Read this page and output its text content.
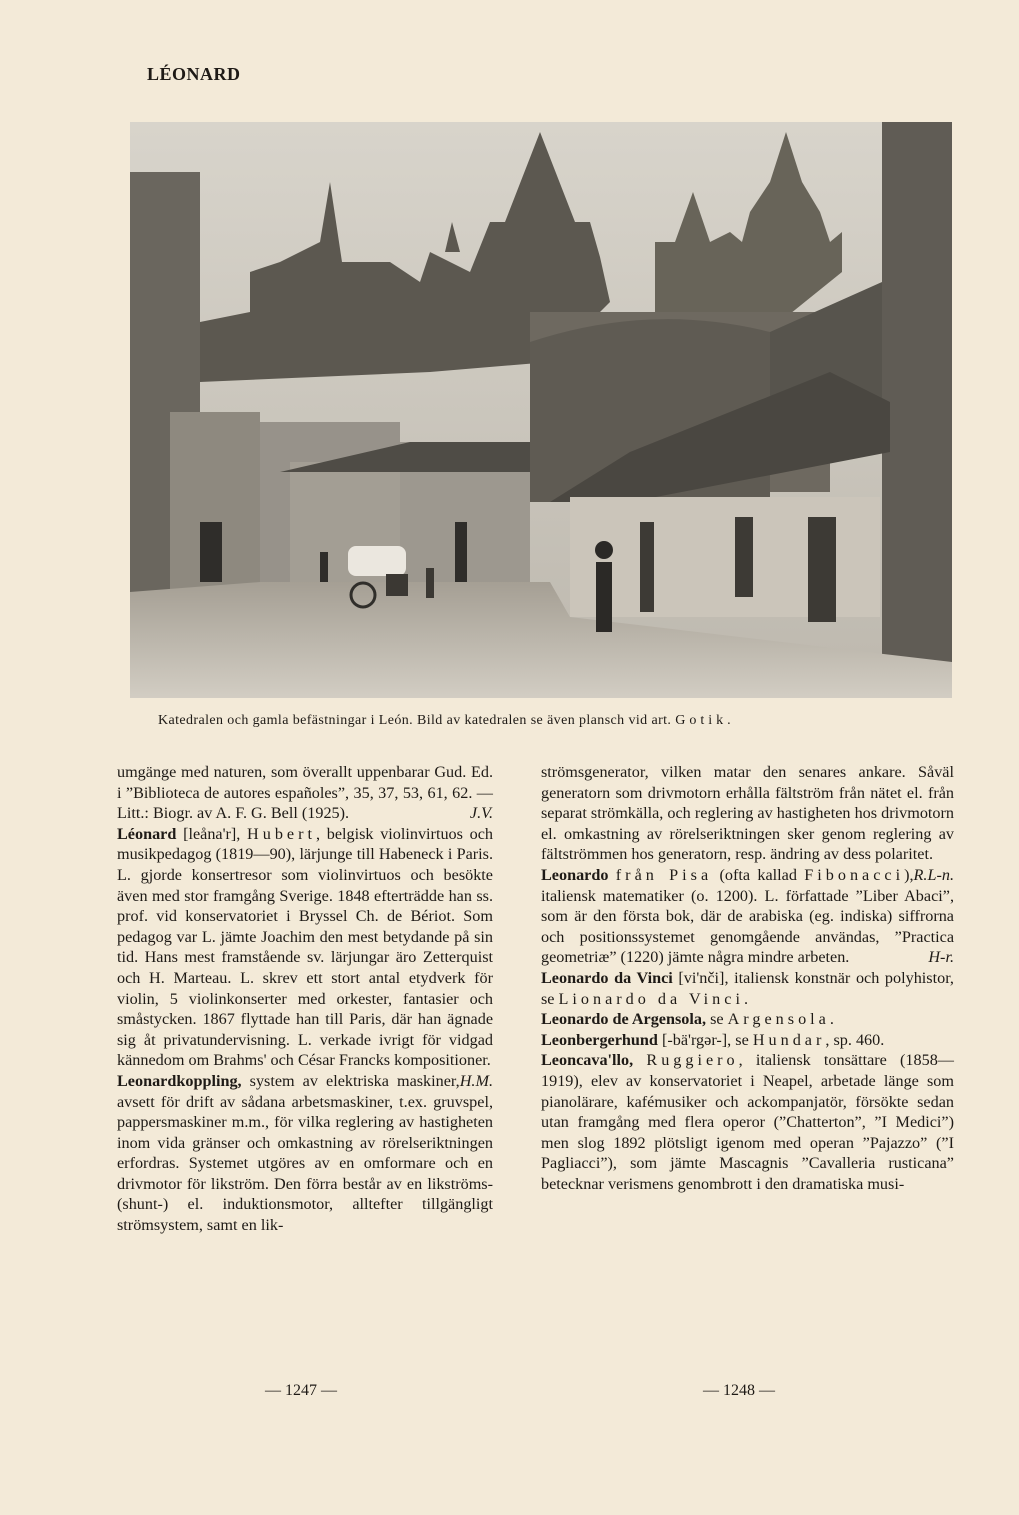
LÉONARD
Katedralen och gamla befästningar i León. Bild av katedralen se även plansch vid art. Gotik.

umgänge med naturen, som överallt uppenbarar Gud. Ed. i ”Biblioteca de autores españoles”, 35, 37, 53, 61, 62. — Litt.: Biogr. av A. F. G. Bell (1925).	J.V.

Léonard [leåna'r], Hubert, belgisk violinvirtuos och musikpedagog (1819—90), lärjunge till Habeneck i Paris. L. gjorde konsertresor som violinvirtuos och besökte även med stor framgång Sverige. 1848 efterträdde han ss. prof. vid konservatoriet i Bryssel Ch. de Bériot. Som pedagog var L. jämte Joachim den mest betydande på sin tid. Hans mest framstående sv. lärjungar äro Zetterquist och H. Marteau. L. skrev ett stort antal etydverk för violin, 5 violinkonserter med orkester, fantasier och småstycken. 1867 flyttade han till Paris, där han ägnade sig åt privatundervisning. L. verkade ivrigt för vidgad kännedom om Brahms' och César Francks kompositioner.
H.M.

Leonardkoppling, system av elektriska maskiner, avsett för drift av sådana arbetsmaskiner, t.ex. gruvspel, pappersmaskiner m.m., för vilka reglering av hastigheten inom vida gränser och omkastning av rörelseriktningen erfordras. Systemet utgöres av en omformare och en drivmotor för likström. Den förra består av en likströms- (shunt-) el. induktionsmotor, alltefter tillgängligt strömsystem, samt en lik-

strömsgenerator, vilken matar den senares ankare. Såväl generatorn som drivmotorn erhålla fältström från nätet el. från separat strömkälla, och reglering av hastigheten hos drivmotorn el. omkastning av rörelseriktningen sker genom reglering av fältströmmen hos generatorn, resp. ändring av dess polaritet.
R.L-n.

Leonardo från Pisa (ofta kallad Fibonacci), italiensk matematiker (o. 1200). L. författade ”Liber Abaci”, som är den första bok, där de arabiska (eg. indiska) siffrorna och positionssystemet genomgående användas, ”Practica geometriæ” (1220) jämte några mindre arbeten.	H-r.

Leonardo da Vinci [vi'nči], italiensk konstnär och polyhistor, se Lionardo da Vinci.

Leonardo de Argensola, se Argensola.

Leonbergerhund [-bä'rgər-], se Hundar, sp. 460.

Leoncava'llo, Ruggiero, italiensk tonsättare (1858—1919), elev av konservatoriet i Neapel, arbetade länge som pianolärare, kafémusiker och ackompanjatör, försökte sedan utan framgång med flera operor (”Chatterton”, ”I Medici”) men slog 1892 plötsligt igenom med operan ”Pajazzo” (”I Pagliacci”), som jämte Mascagnis ”Cavalleria rusticana” betecknar verismens genombrott i den dramatiska musi-

— 1247 —	— 1248 —
